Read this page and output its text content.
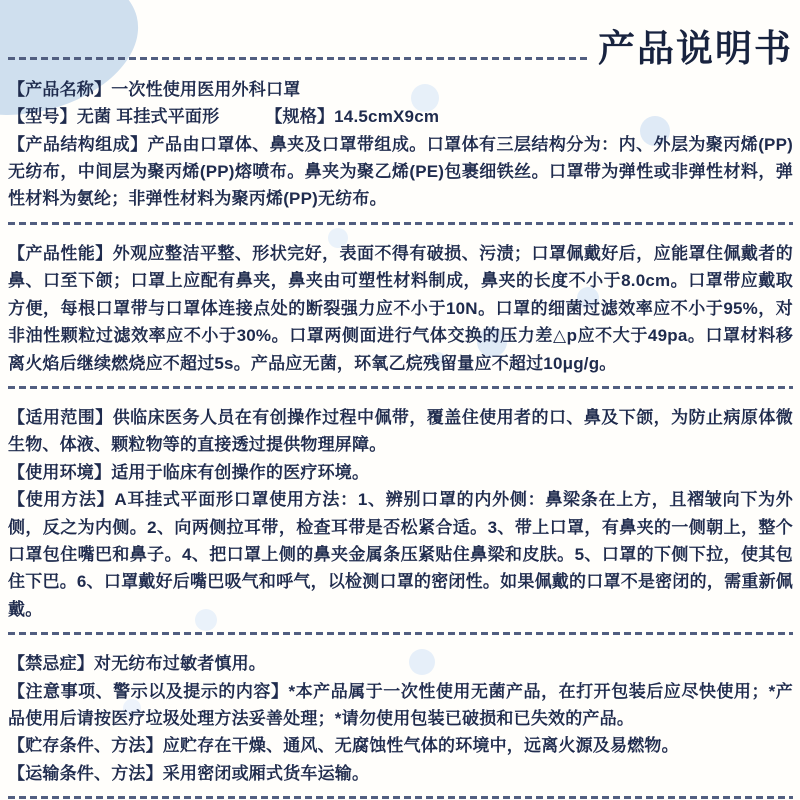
产品说明书
【产品名称】一次性使用医用外科口罩
【型号】无菌 耳挂式平面形	【规格】14.5cmX9cm
【产品结构组成】产品由口罩体、鼻夹及口罩带组成。口罩体有三层结构分为：内、外层为聚丙烯(PP)无纺布，中间层为聚丙烯(PP)熔喷布。鼻夹为聚乙烯(PE)包裹细铁丝。口罩带为弹性或非弹性材料，弹性材料为氨纶；非弹性材料为聚丙烯(PP)无纺布。
【产品性能】外观应整洁平整、形状完好，表面不得有破损、污渍；口罩佩戴好后，应能罩住佩戴者的鼻、口至下颌；口罩上应配有鼻夹，鼻夹由可塑性材料制成，鼻夹的长度不小于8.0cm。口罩带应戴取方便，每根口罩带与口罩体连接点处的断裂强力应不小于10N。口罩的细菌过滤效率应不小于95%，对非油性颗粒过滤效率应不小于30%。口罩两侧面进行气体交换的压力差△p应不大于49pa。口罩材料移离火焰后继续燃烧应不超过5s。产品应无菌，环氧乙烷残留量应不超过10μg/g。
【适用范围】供临床医务人员在有创操作过程中佩带，覆盖住使用者的口、鼻及下颌，为防止病原体微生物、体液、颗粒物等的直接透过提供物理屏障。
【使用环境】适用于临床有创操作的医疗环境。
【使用方法】A耳挂式平面形口罩使用方法：1、辨别口罩的内外侧：鼻梁条在上方，且褶皱向下为外侧，反之为内侧。2、向两侧拉耳带，检查耳带是否松紧合适。3、带上口罩，有鼻夹的一侧朝上，整个口罩包住嘴巴和鼻子。4、把口罩上侧的鼻夹金属条压紧贴住鼻梁和皮肤。5、口罩的下侧下拉，使其包住下巴。6、口罩戴好后嘴巴吸气和呼气，以检测口罩的密闭性。如果佩戴的口罩不是密闭的，需重新佩戴。
【禁忌症】对无纺布过敏者慎用。
【注意事项、警示以及提示的内容】*本产品属于一次性使用无菌产品，在打开包装后应尽快使用；*产品使用后请按医疗垃圾处理方法妥善处理；*请勿使用包装已破损和已失效的产品。
【贮存条件、方法】应贮存在干燥、通风、无腐蚀性气体的环境中，远离火源及易燃物。
【运输条件、方法】采用密闭或厢式货车运输。
